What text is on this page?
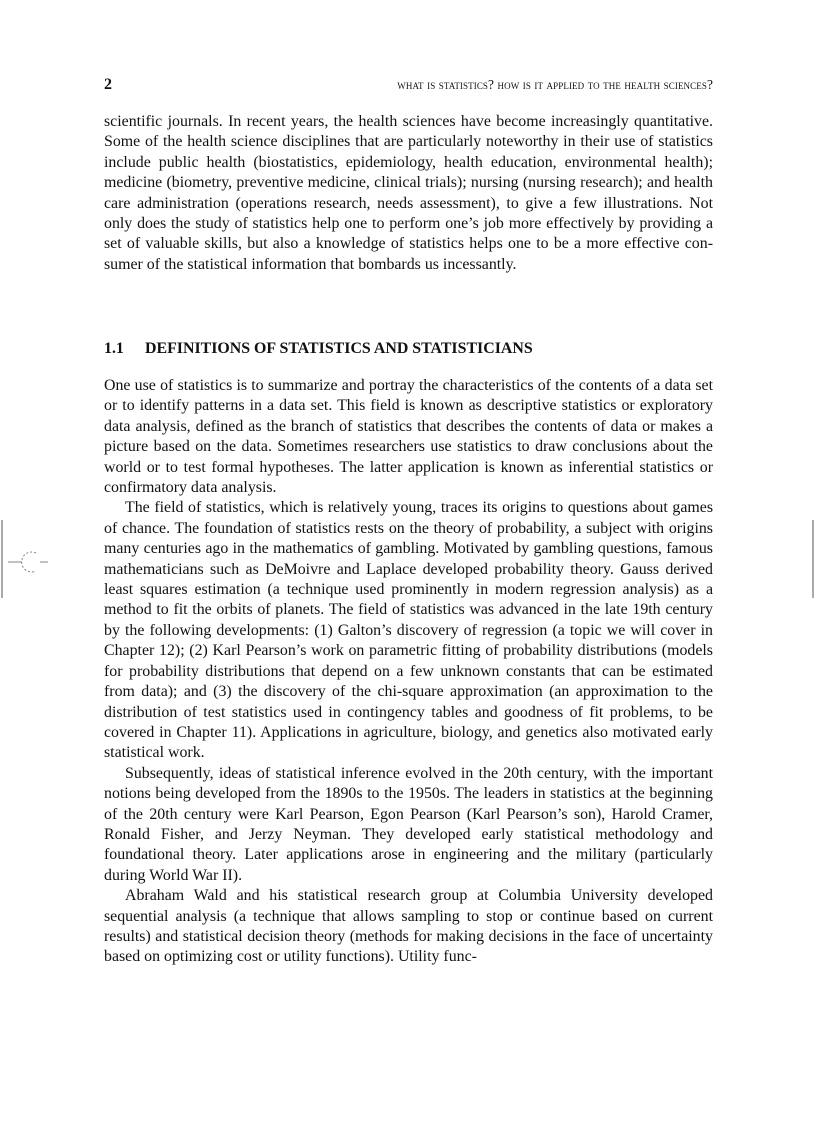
2	what is statistics? how is it applied to the health sciences?

scientific journals. In recent years, the health sciences have become increasingly quantitative. Some of the health science disciplines that are particularly noteworthy in their use of statistics include public health (biostatistics, epidemiology, health education, environmental health); medicine (biometry, preventive medicine, clinical trials); nursing (nursing research); and health care administration (operations research, needs assessment), to give a few illustrations. Not only does the study of statistics help one to perform one’s job more effectively by providing a set of valuable skills, but also a knowledge of statistics helps one to be a more effective consumer of the statistical information that bombards us incessantly.

1.1 DEFINITIONS OF STATISTICS AND STATISTICIANS

One use of statistics is to summarize and portray the characteristics of the contents of a data set or to identify patterns in a data set. This field is known as descriptive statistics or exploratory data analysis, defined as the branch of statistics that describes the contents of data or makes a picture based on the data. Sometimes researchers use statistics to draw conclusions about the world or to test formal hypotheses. The latter application is known as inferential statistics or confirmatory data analysis.

The field of statistics, which is relatively young, traces its origins to questions about games of chance. The foundation of statistics rests on the theory of probability, a subject with origins many centuries ago in the mathematics of gambling. Motivated by gambling questions, famous mathematicians such as DeMoivre and Laplace developed probability theory. Gauss derived least squares estimation (a technique used prominently in modern regression analysis) as a method to fit the orbits of planets. The field of statistics was advanced in the late 19th century by the following developments: (1) Galton’s discovery of regression (a topic we will cover in Chapter 12); (2) Karl Pearson’s work on parametric fitting of probability distributions (models for probability distributions that depend on a few unknown constants that can be estimated from data); and (3) the discovery of the chi-square approximation (an approximation to the distribution of test statistics used in contingency tables and goodness of fit problems, to be covered in Chapter 11). Applications in agriculture, biology, and genetics also motivated early statistical work.

Subsequently, ideas of statistical inference evolved in the 20th century, with the important notions being developed from the 1890s to the 1950s. The leaders in statistics at the beginning of the 20th century were Karl Pearson, Egon Pearson (Karl Pearson’s son), Harold Cramer, Ronald Fisher, and Jerzy Neyman. They developed early statistical methodology and foundational theory. Later applications arose in engineering and the military (particularly during World War II).

Abraham Wald and his statistical research group at Columbia University developed sequential analysis (a technique that allows sampling to stop or continue based on current results) and statistical decision theory (methods for making decisions in the face of uncertainty based on optimizing cost or utility functions). Utility func-
